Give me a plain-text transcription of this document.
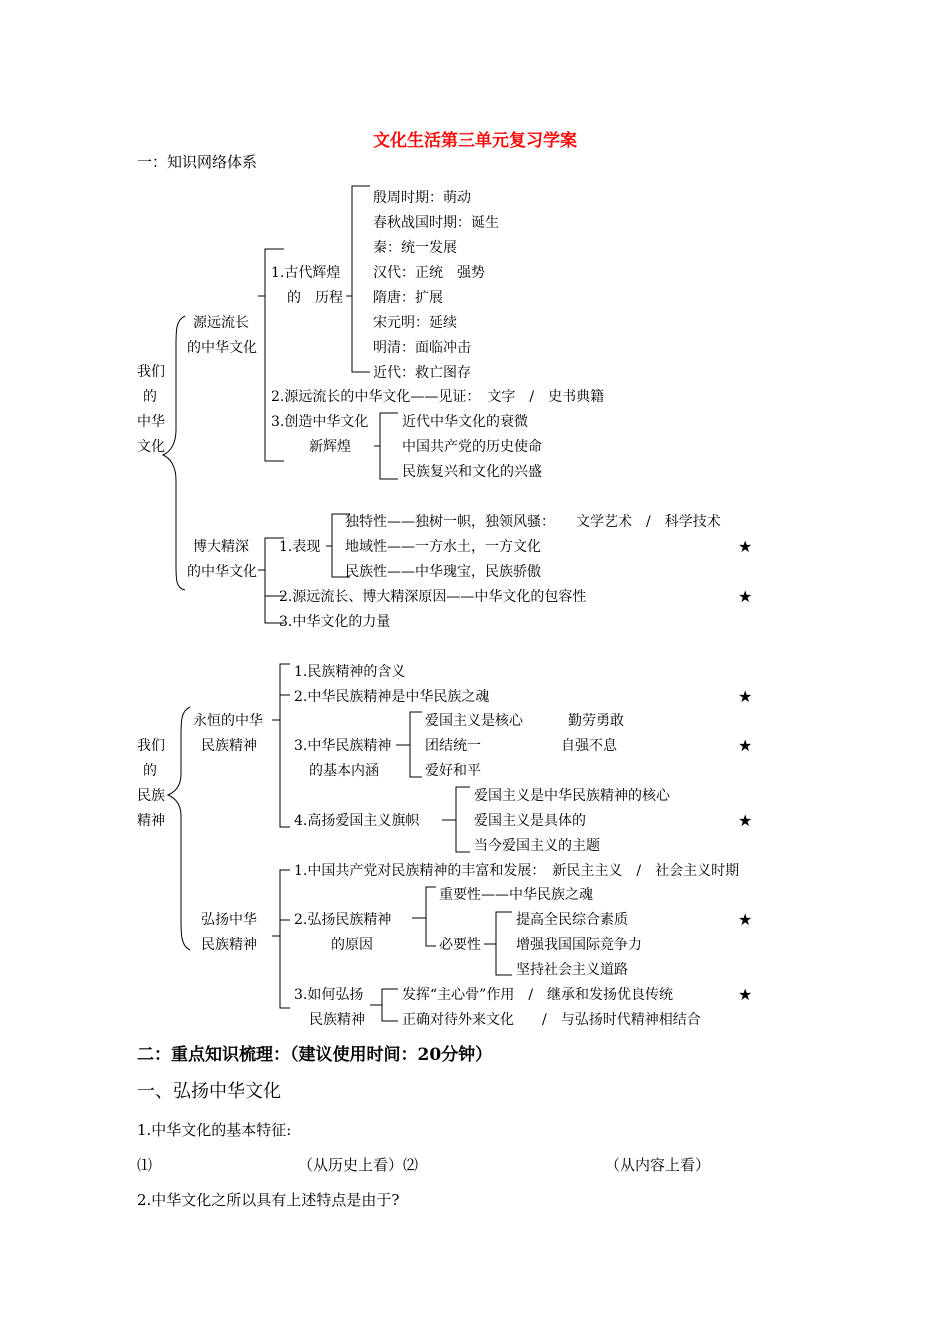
文化生活第三单元复习学案
一：知识网络体系
我们
的
中华
文化
源远流长
的中华文化
1.古代辉煌
的　历程
殷周时期：萌动
春秋战国时期：诞生
秦：统一发展
汉代：正统　强势
隋唐：扩展
宋元明：延续
明清：面临冲击
近代：救亡图存
2.源远流长的中华文化——见证：　文字　/　史书典籍
3.创造中华文化
新辉煌
近代中华文化的衰微
中国共产党的历史使命
民族复兴和文化的兴盛
博大精深
的中华文化
1.表现
独特性——独树一帜，独领风骚：　　文学艺术　/　科学技术
地域性——一方水土，一方文化
民族性——中华瑰宝，民族骄傲
2.源远流长、博大精深原因——中华文化的包容性
3.中华文化的力量
★
★
我们
的
民族
精神
永恒的中华
民族精神
1.民族精神的含义
2.中华民族精神是中华民族之魂
3.中华民族精神
的基本内涵
爱国主义是核心	勤劳勇敢
团结统一	自强不息
爱好和平
4.高扬爱国主义旗帜
爱国主义是中华民族精神的核心
爱国主义是具体的
当今爱国主义的主题
★
★
★
弘扬中华
民族精神
1.中国共产党对民族精神的丰富和发展：　新民主主义　/　社会主义时期
2.弘扬民族精神
的原因
重要性——中华民族之魂
必要性
提高全民综合素质
增强我国国际竞争力
坚持社会主义道路
3.如何弘扬
民族精神
发挥“主心骨”作用　/　继承和发扬优良传统
正确对待外来文化　　/　与弘扬时代精神相结合
★
★
二：重点知识梳理：（建议使用时间：20分钟）
一、弘扬中华文化
1.中华文化的基本特征:
⑴	（从历史上看）⑵	（从内容上看）
2.中华文化之所以具有上述特点是由于?
